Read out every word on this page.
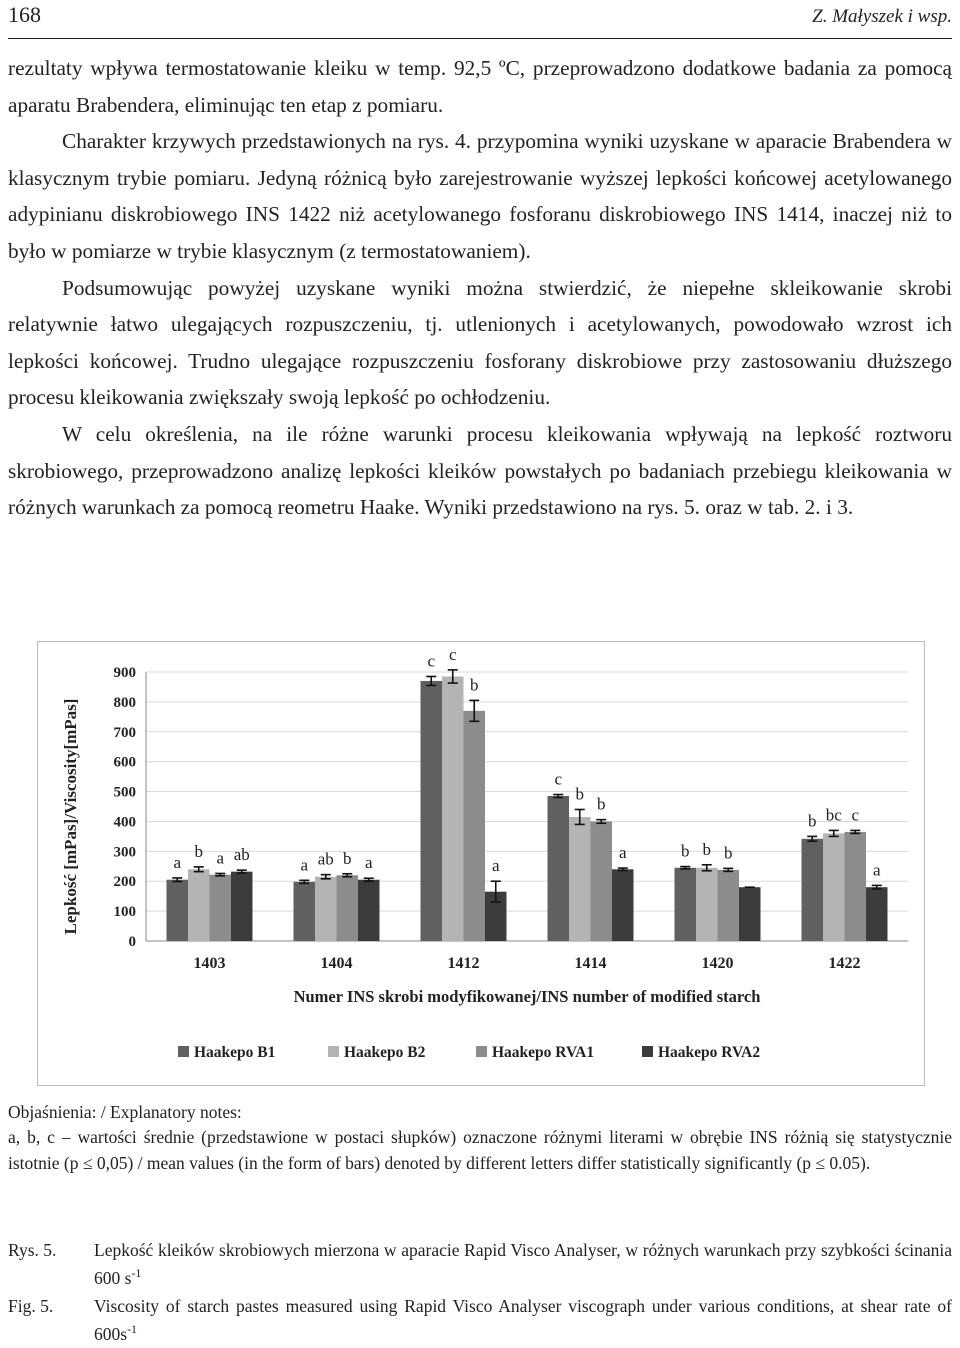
168	Z. Małyszek i wsp.

rezultaty wpływa termostatowanie kleiku w temp. 92,5 ºC, przeprowadzono dodatkowe badania za pomocą aparatu Brabendera, eliminując ten etap z pomiaru.

Charakter krzywych przedstawionych na rys. 4. przypomina wyniki uzyskane w aparacie Brabendera w klasycznym trybie pomiaru. Jedyną różnicą było zarejestrowanie wyższej lepkości końcowej acetylowanego adypinianu diskrobiowego INS 1422 niż acetylowanego fosforanu diskrobiowego INS 1414, inaczej niż to było w pomiarze w trybie klasycznym (z termostatowaniem).

Podsumowując powyżej uzyskane wyniki można stwierdzić, że niepełne skleikowanie skrobi relatywnie łatwo ulegających rozpuszczeniu, tj. utlenionych i acetylowanych, powodowało wzrost ich lepkości końcowej. Trudno ulegające rozpuszczeniu fosforany diskrobiowe przy zastosowaniu dłuższego procesu kleikowania zwiększały swoją lepkość po ochłodzeniu.

W celu określenia, na ile różne warunki procesu kleikowania wpływają na lepkość roztworu skrobiowego, przeprowadzono analizę lepkości kleików powstałych po badaniach przebiegu kleikowania w różnych warunkach za pomocą reometru Haake. Wyniki przedstawiono na rys. 5. oraz w tab. 2. i 3.

0
100
200
300
400
500
600
700
800
900
Lepkość [mPas]/Viscosity[mPas]	a
b a ab
1403
a ab b a
1404
c c
b
a
1412
c
b
b
a
1414
b b b
1420
b bc c
a
1422
Numer INS skrobi modyfikowanej/INS number of modified starch
Haakepo B1	Haakepo B2	Haakepo RVA1	Haakepo RVA2

Objaśnienia: / Explanatory notes:

a, b, c – wartości średnie (przedstawione w postaci słupków) oznaczone różnymi literami w obrębie INS różnią się statystycznie istotnie (p ≤ 0,05) / mean values (in the form of bars) denoted by different letters differ statistically significantly (p ≤ 0.05).

Rys. 5. Lepkość kleików skrobiowych mierzona w aparacie Rapid Visco Analyser, w różnych warunkach przy szybkości ścinania 600 $s^{-1}$
Fig. 5. Viscosity of starch pastes measured using Rapid Visco Analyser viscograph under various conditions, at shear rate of $600s^{-1}$
